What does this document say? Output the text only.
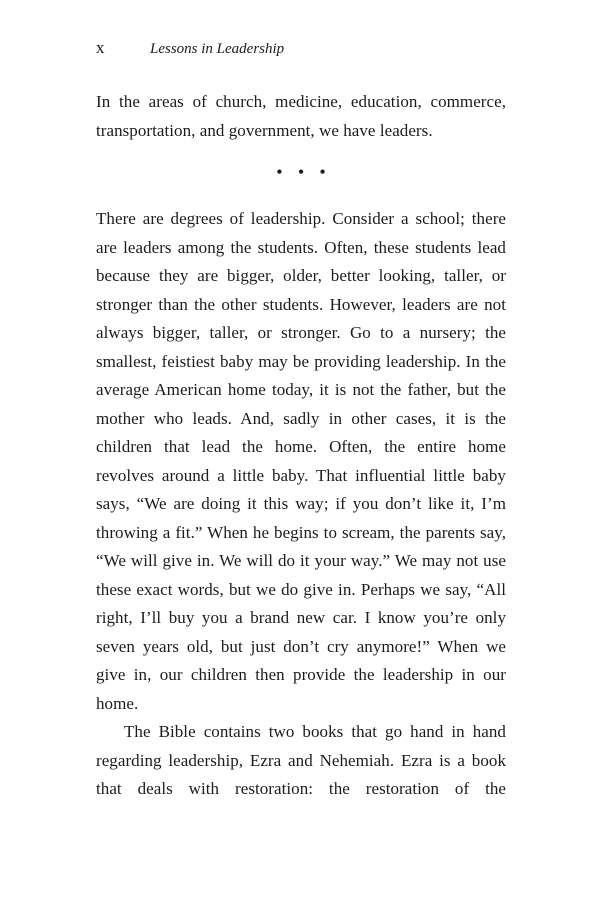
x	Lessons in Leadership

In the areas of church, medicine, education, commerce, transportation, and government, we have leaders.

• • •

There are degrees of leadership. Consider a school; there are leaders among the students. Often, these students lead because they are bigger, older, better looking, taller, or stronger than the other students. However, leaders are not always bigger, taller, or stronger. Go to a nursery; the smallest, feistiest baby may be providing leadership. In the average American home today, it is not the father, but the mother who leads. And, sadly in other cases, it is the children that lead the home. Often, the entire home revolves around a little baby. That influential little baby says, “We are doing it this way; if you don’t like it, I’m throwing a fit.” When he begins to scream, the parents say, “We will give in. We will do it your way.” We may not use these exact words, but we do give in. Perhaps we say, “All right, I’ll buy you a brand new car. I know you’re only seven years old, but just don’t cry anymore!” When we give in, our children then provide the leadership in our home.

The Bible contains two books that go hand in hand regarding leadership, Ezra and Nehemiah. Ezra is a book that deals with restoration: the restoration of the
